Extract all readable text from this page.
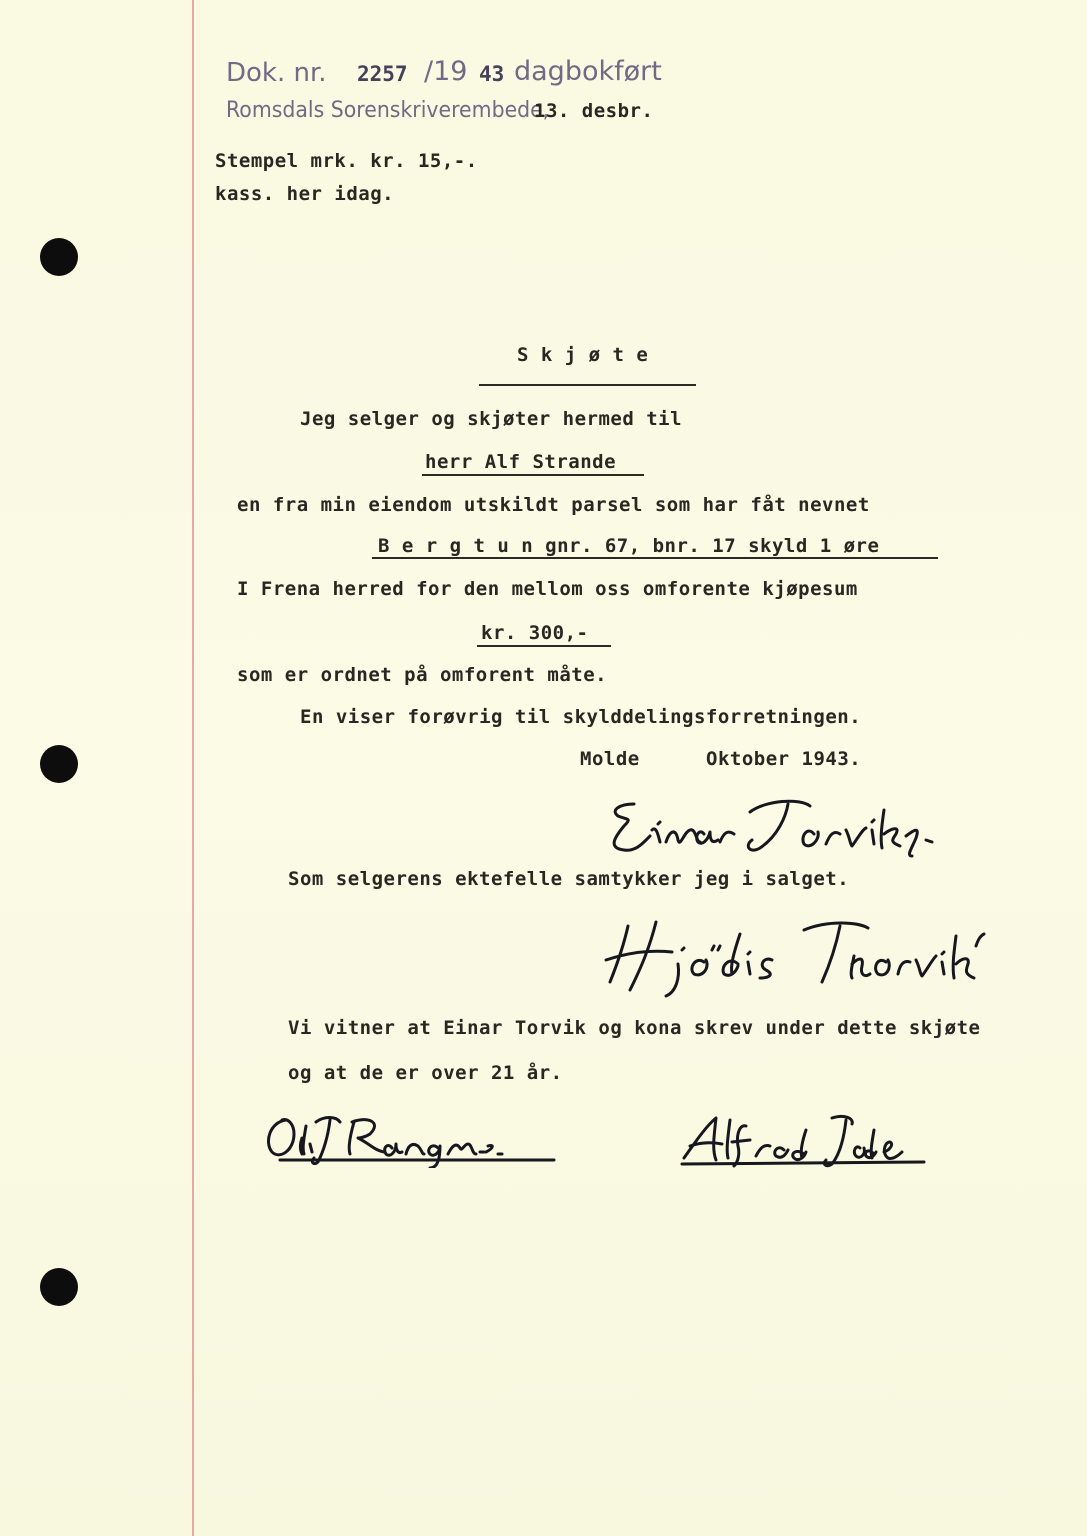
Dok. nr. 2257 /19 43 dagbokført
Romsdals Sorenskriverembede,
13. desbr.
Stempel mrk. kr. 15,-.
kass. her idag.
S k j ø t e
Jeg selger og skjøter hermed til
herr Alf Strande
en fra min eiendom utskildt parsel som har fåt nevnet
B e r g t u n gnr. 67, bnr. 17 skyld 1 øre
I Frena herred for den mellom oss omforente kjøpesum
kr. 300,-
som er ordnet på omforent måte.
En viser forøvrig til skylddelingsforretningen.
Molde	Oktober 1943.
Som selgerens ektefelle samtykker jeg i salget.
Vi vitner at Einar Torvik og kona skrev under dette skjøte
og at de er over 21 år.
